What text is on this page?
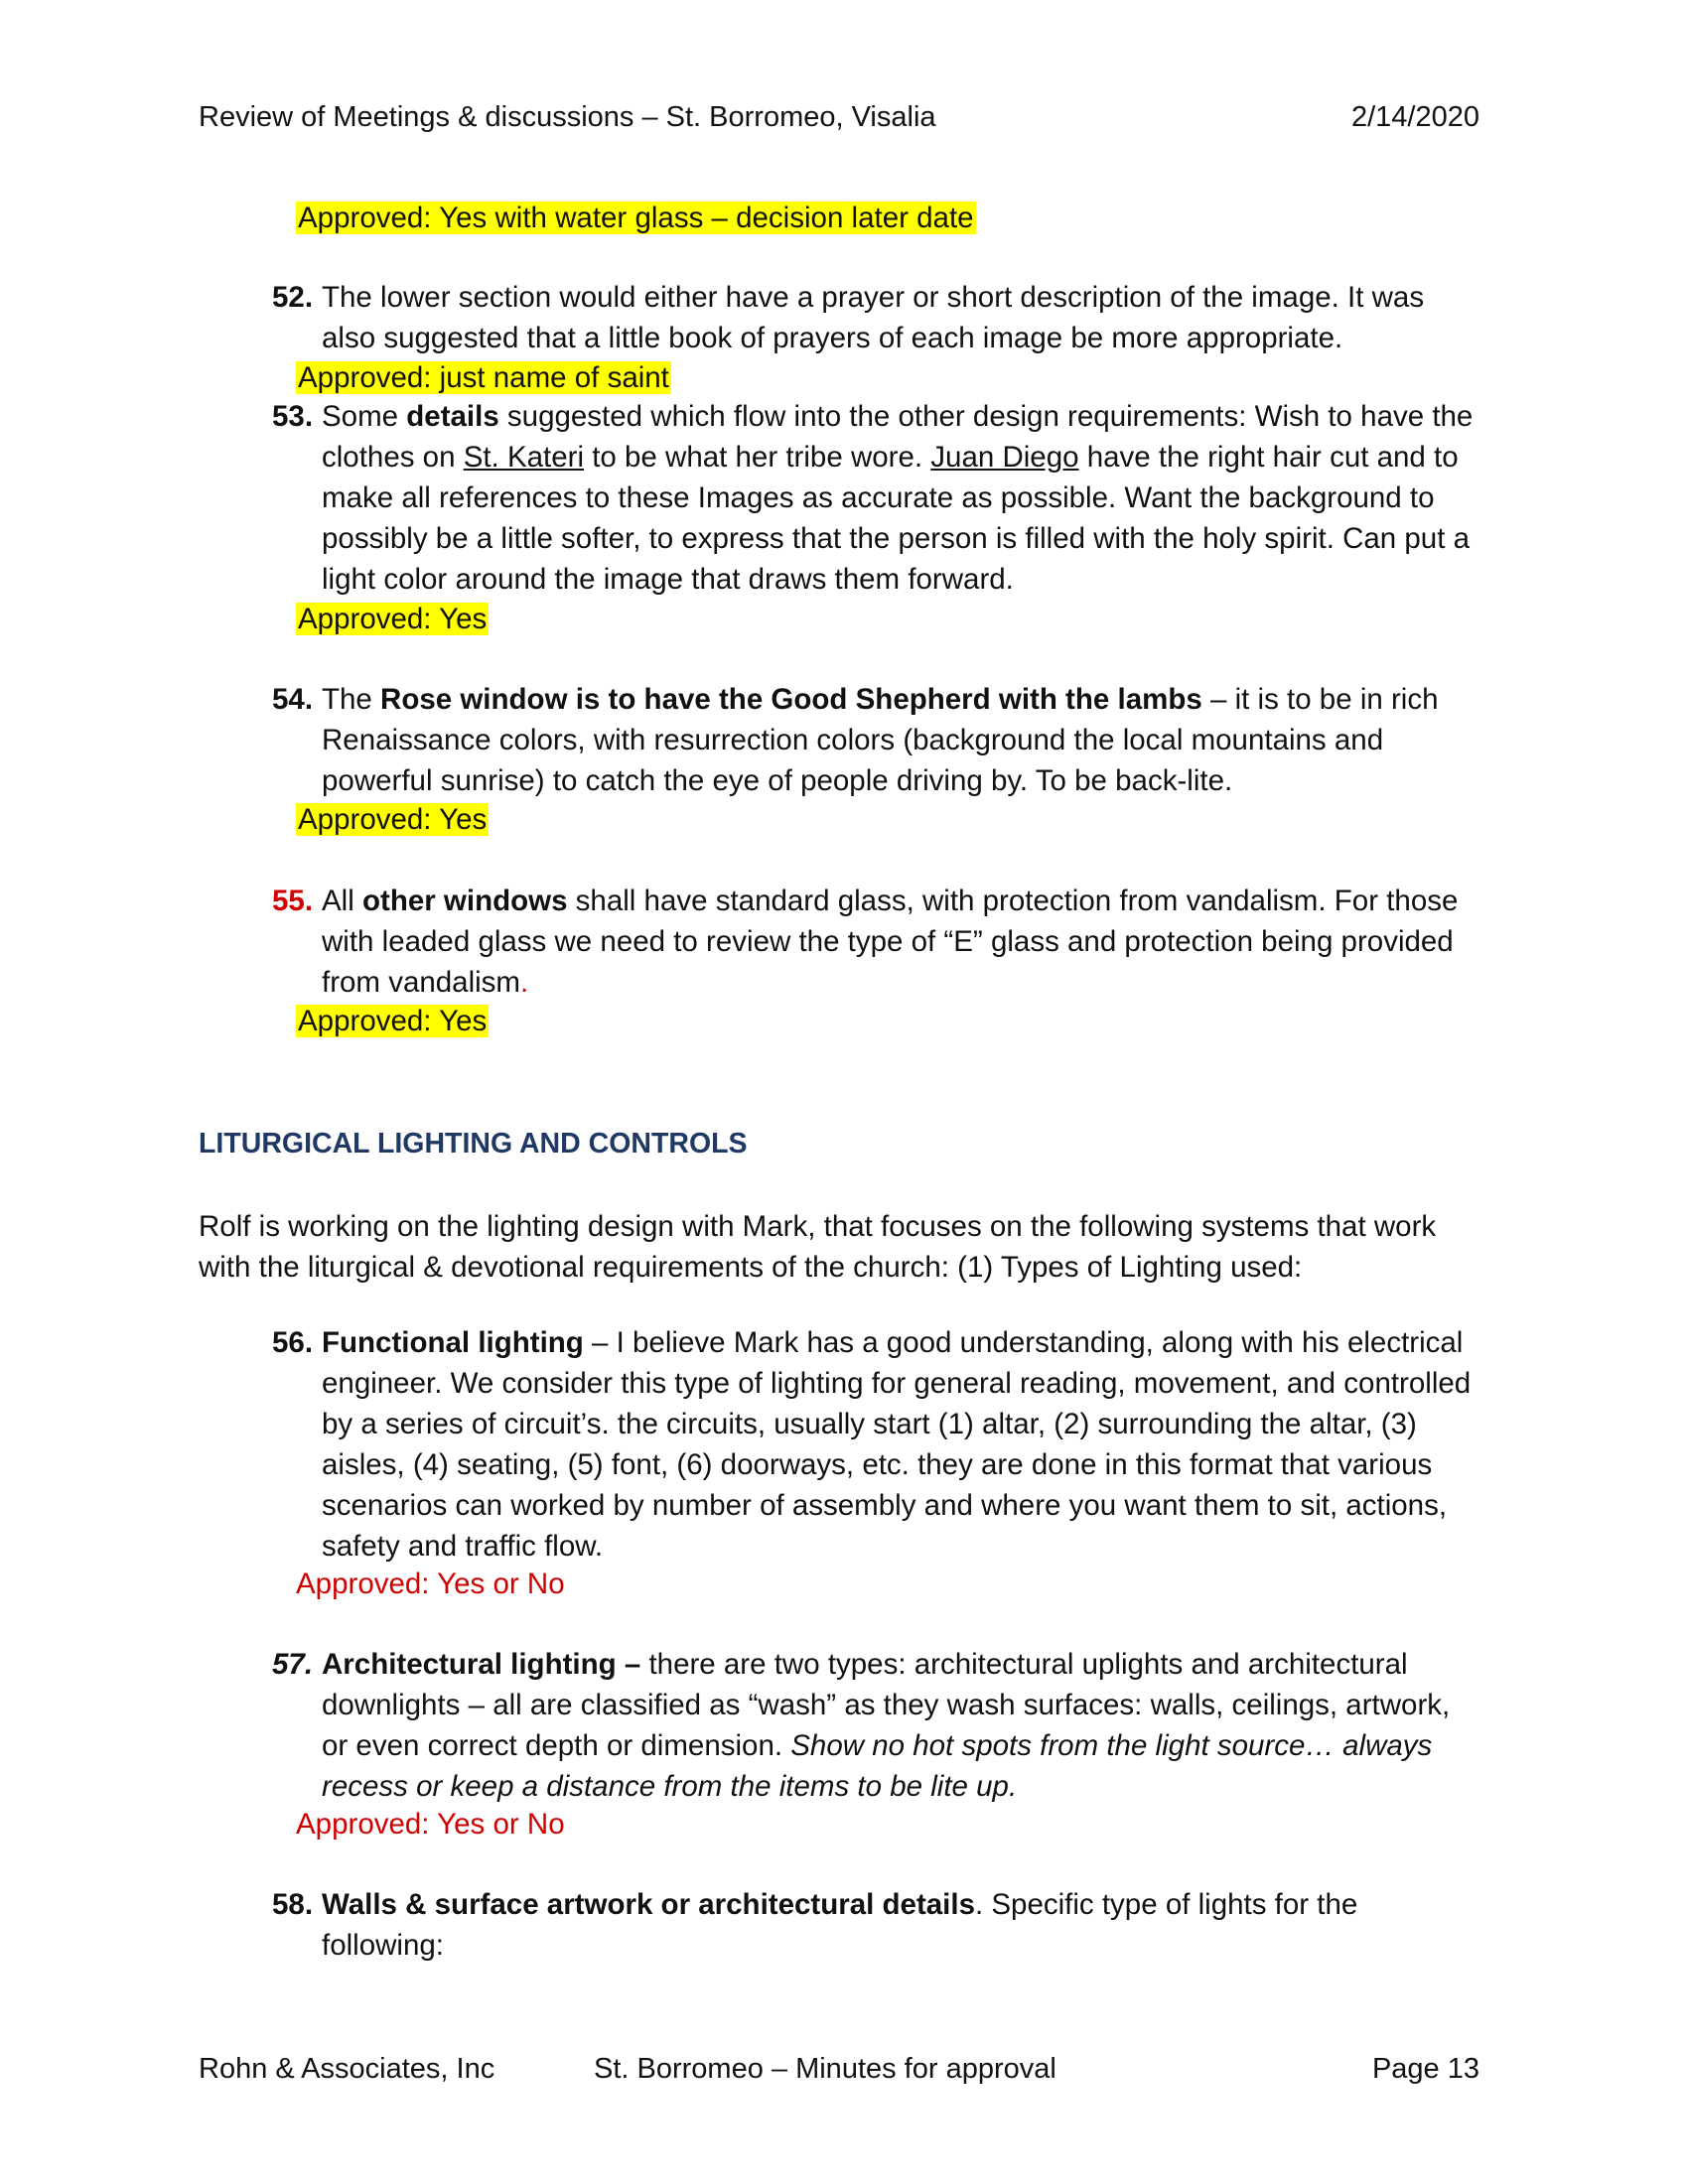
Review of Meetings & discussions – St. Borromeo, Visalia	2/14/2020
Approved: Yes with water glass – decision later date
52. The lower section would either have a prayer or short description of the image. It was also suggested that a little book of prayers of each image be more appropriate.
Approved: just name of saint
53. Some details suggested which flow into the other design requirements: Wish to have the clothes on St. Kateri to be what her tribe wore. Juan Diego have the right hair cut and to make all references to these Images as accurate as possible. Want the background to possibly be a little softer, to express that the person is filled with the holy spirit. Can put a light color around the image that draws them forward.
Approved: Yes
54. The Rose window is to have the Good Shepherd with the lambs – it is to be in rich Renaissance colors, with resurrection colors (background the local mountains and powerful sunrise) to catch the eye of people driving by. To be back-lite.
Approved: Yes
55. All other windows shall have standard glass, with protection from vandalism. For those with leaded glass we need to review the type of “E” glass and protection being provided from vandalism.
Approved: Yes
LITURGICAL LIGHTING AND CONTROLS
Rolf is working on the lighting design with Mark, that focuses on the following systems that work with the liturgical & devotional requirements of the church: (1) Types of Lighting used:
56. Functional lighting – I believe Mark has a good understanding, along with his electrical engineer. We consider this type of lighting for general reading, movement, and controlled by a series of circuit’s. the circuits, usually start (1) altar, (2) surrounding the altar, (3) aisles, (4) seating, (5) font, (6) doorways, etc. they are done in this format that various scenarios can worked by number of assembly and where you want them to sit, actions, safety and traffic flow.
Approved: Yes or No
57. Architectural lighting – there are two types: architectural uplights and architectural downlights – all are classified as “wash” as they wash surfaces: walls, ceilings, artwork, or even correct depth or dimension. Show no hot spots from the light source… always recess or keep a distance from the items to be lite up.
Approved: Yes or No
58. Walls & surface artwork or architectural details. Specific type of lights for the following:
Rohn & Associates, Inc	St. Borromeo – Minutes for approval	Page 13
